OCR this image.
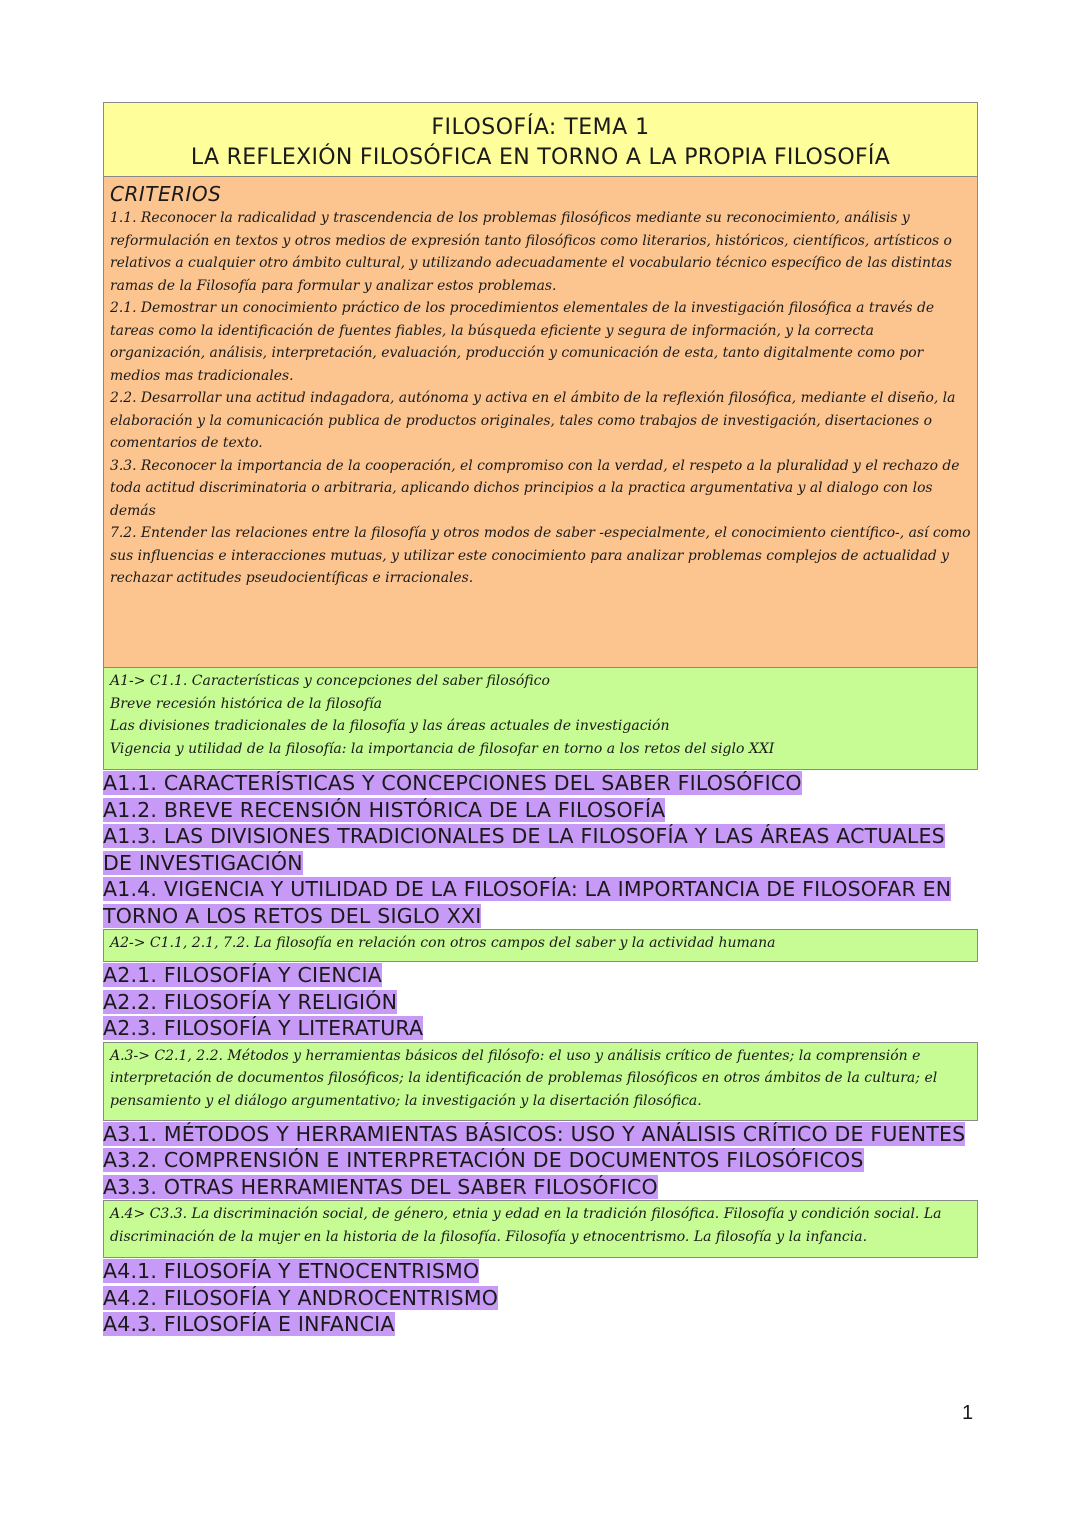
FILOSOFÍA: TEMA 1
LA REFLEXIÓN FILOSÓFICA EN TORNO A LA PROPIA FILOSOFÍA
CRITERIOS

1.1. Reconocer la radicalidad y trascendencia de los problemas filosóficos mediante su reconocimiento, análisis y reformulación en textos y otros medios de expresión tanto filosóficos como literarios, históricos, científicos, artísticos o relativos a cualquier otro ámbito cultural, y utilizando adecuadamente el vocabulario técnico específico de las distintas ramas de la Filosofía para formular y analizar estos problemas.

2.1. Demostrar un conocimiento práctico de los procedimientos elementales de la investigación filosófica a través de tareas como la identificación de fuentes fiables, la búsqueda eficiente y segura de información, y la correcta organización, análisis, interpretación, evaluación, producción y comunicación de esta, tanto digitalmente como por medios mas tradicionales.

2.2. Desarrollar una actitud indagadora, autónoma y activa en el ámbito de la reflexión filosófica, mediante el diseño, la elaboración y la comunicación publica de productos originales, tales como trabajos de investigación, disertaciones o comentarios de texto.

3.3. Reconocer la importancia de la cooperación, el compromiso con la verdad, el respeto a la pluralidad y el rechazo de toda actitud discriminatoria o arbitraria, aplicando dichos principios a la practica argumentativa y al dialogo con los demás

7.2. Entender las relaciones entre la filosofía y otros modos de saber -especialmente, el conocimiento científico-, así como sus influencias e interacciones mutuas, y utilizar este conocimiento para analizar problemas complejos de actualidad y rechazar actitudes pseudocientíficas e irracionales.

A1-> C1.1. Características y concepciones del saber filosófico
Breve recesión histórica de la filosofía
Las divisiones tradicionales de la filosofía y las áreas actuales de investigación
Vigencia y utilidad de la filosofía: la importancia de filosofar en torno a los retos del siglo XXI
A1.1. CARACTERÍSTICAS Y CONCEPCIONES DEL SABER FILOSÓFICO
A1.2. BREVE RECENSIÓN HISTÓRICA DE LA FILOSOFÍA
A1.3. LAS DIVISIONES TRADICIONALES DE LA FILOSOFÍA Y LAS ÁREAS ACTUALES DE INVESTIGACIÓN
A1.4. VIGENCIA Y UTILIDAD DE LA FILOSOFÍA: LA IMPORTANCIA DE FILOSOFAR EN TORNO A LOS RETOS DEL SIGLO XXI
A2-> C1.1, 2.1, 7.2. La filosofía en relación con otros campos del saber y la actividad humana
A2.1. FILOSOFÍA Y CIENCIA
A2.2. FILOSOFÍA Y RELIGIÓN
A2.3. FILOSOFÍA Y LITERATURA

A.3-> C2.1, 2.2. Métodos y herramientas básicos del filósofo: el uso y análisis crítico de fuentes; la comprensión e interpretación de documentos filosóficos; la identificación de problemas filosóficos en otros ámbitos de la cultura; el pensamiento y el diálogo argumentativo; la investigación y la disertación filosófica.

A3.1. MÉTODOS Y HERRAMIENTAS BÁSICOS: USO Y ANÁLISIS CRÍTICO DE FUENTES
A3.2. COMPRENSIÓN E INTERPRETACIÓN DE DOCUMENTOS FILOSÓFICOS
A3.3. OTRAS HERRAMIENTAS DEL SABER FILOSÓFICO

A.4> C3.3. La discriminación social, de género, etnia y edad en la tradición filosófica. Filosofía y condición social. La discriminación de la mujer en la historia de la filosofía. Filosofía y etnocentrismo. La filosofía y la infancia.

A4.1. FILOSOFÍA Y ETNOCENTRISMO
A4.2. FILOSOFÍA Y ANDROCENTRISMO
A4.3. FILOSOFÍA E INFANCIA
1
